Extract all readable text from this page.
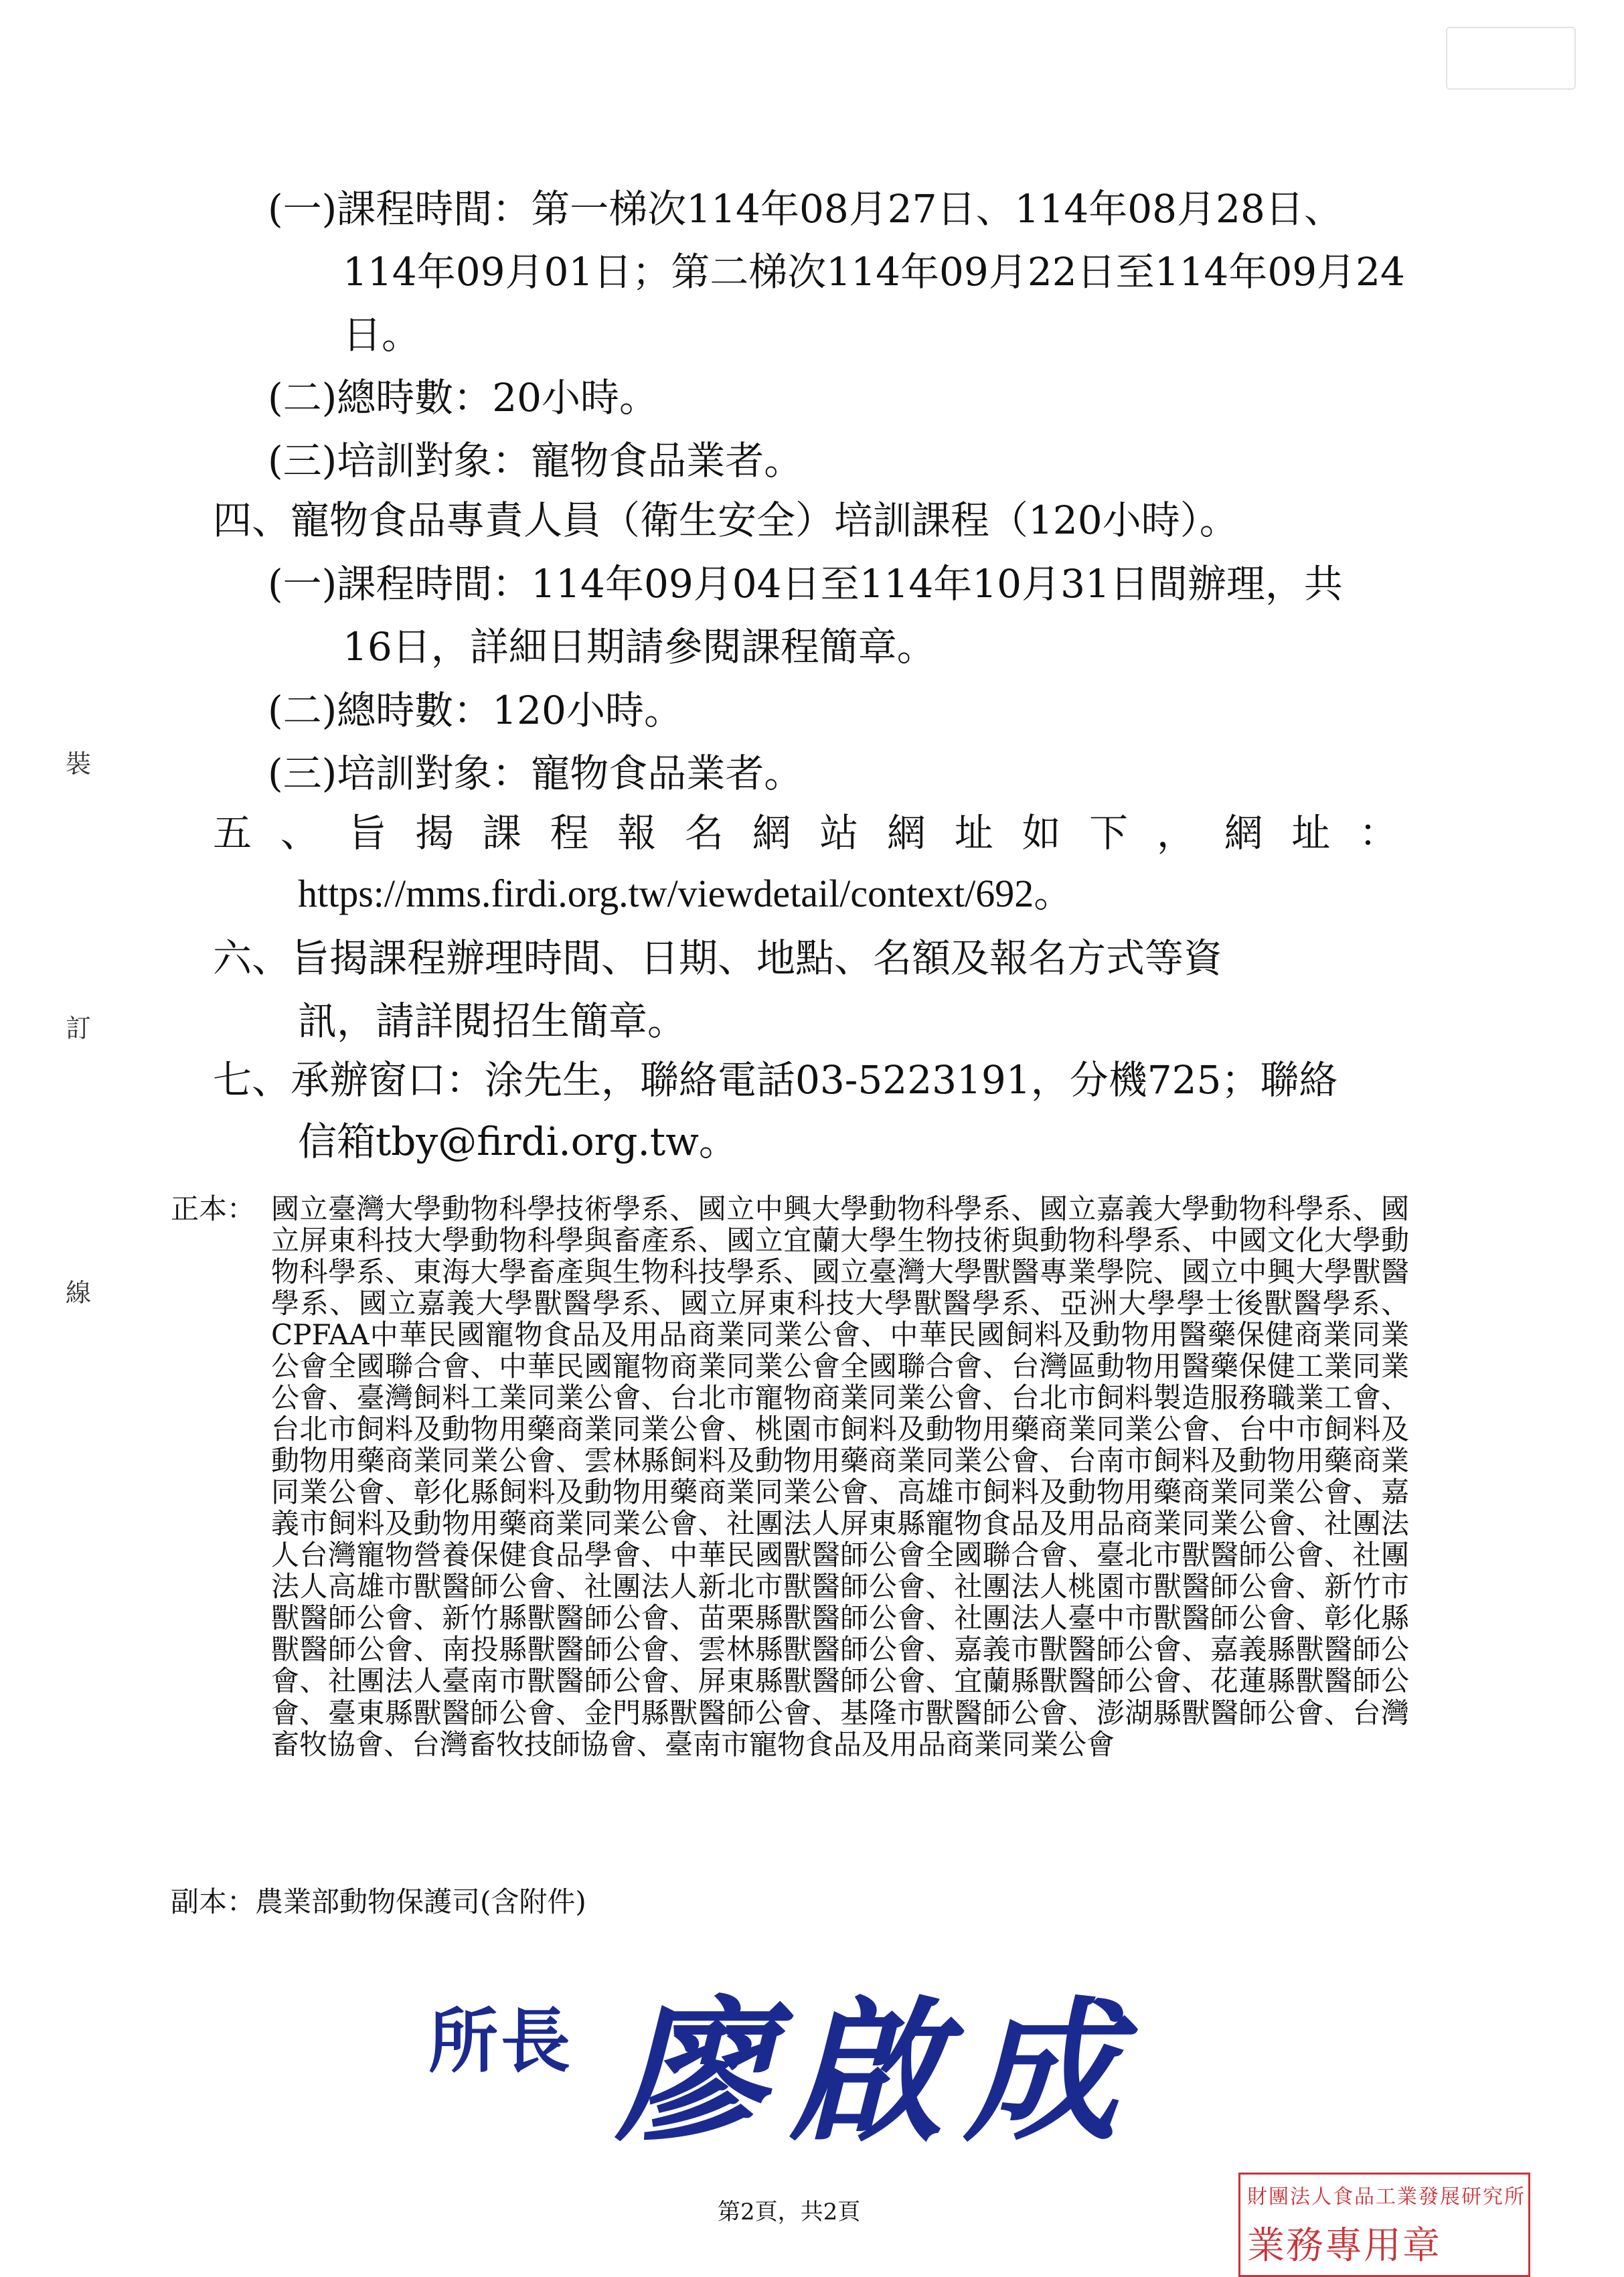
(一)課程時間：第一梯次114年08月27日、114年08月28日、
114年09月01日；第二梯次114年09月22日至114年09月24
日。
(二)總時數：20小時。
(三)培訓對象：寵物食品業者。
四、寵物食品專責人員（衛生安全）培訓課程（120小時）。
(一)課程時間：114年09月04日至114年10月31日間辦理，共
16日，詳細日期請參閱課程簡章。
(二)總時數：120小時。
(三)培訓對象：寵物食品業者。
五、旨揭課程報名網站網址如下，網址：
https://mms.firdi.org.tw/viewdetail/context/692。
六、旨揭課程辦理時間、日期、地點、名額及報名方式等資
訊，請詳閱招生簡章。
七、承辦窗口：涂先生，聯絡電話03-5223191，分機725；聯絡
信箱tby@firdi.org.tw。
裝
訂
線
正本： 國立臺灣大學動物科學技術學系、國立中興大學動物科學系、國立嘉義大學動物科學系、國立屏東科技大學動物科學與畜產系、國立宜蘭大學生物技術與動物科學系、中國文化大學動物科學系、東海大學畜產與生物科技學系、國立臺灣大學獸醫專業學院、國立中興大學獸醫學系、國立嘉義大學獸醫學系、國立屏東科技大學獸醫學系、亞洲大學學士後獸醫學系、CPFAA中華民國寵物食品及用品商業同業公會、中華民國飼料及動物用醫藥保健商業同業公會全國聯合會、中華民國寵物商業同業公會全國聯合會、台灣區動物用醫藥保健工業同業公會、臺灣飼料工業同業公會、台北市寵物商業同業公會、台北市飼料製造服務職業工會、台北市飼料及動物用藥商業同業公會、桃園市飼料及動物用藥商業同業公會、台中市飼料及動物用藥商業同業公會、雲林縣飼料及動物用藥商業同業公會、台南市飼料及動物用藥商業同業公會、彰化縣飼料及動物用藥商業同業公會、高雄市飼料及動物用藥商業同業公會、嘉義市飼料及動物用藥商業同業公會、社團法人屏東縣寵物食品及用品商業同業公會、社團法人台灣寵物營養保健食品學會、中華民國獸醫師公會全國聯合會、臺北市獸醫師公會、社團法人高雄市獸醫師公會、社團法人新北市獸醫師公會、社團法人桃園市獸醫師公會、新竹市獸醫師公會、新竹縣獸醫師公會、苗栗縣獸醫師公會、社團法人臺中市獸醫師公會、彰化縣獸醫師公會、南投縣獸醫師公會、雲林縣獸醫師公會、嘉義市獸醫師公會、嘉義縣獸醫師公會、社團法人臺南市獸醫師公會、屏東縣獸醫師公會、宜蘭縣獸醫師公會、花蓮縣獸醫師公會、臺東縣獸醫師公會、金門縣獸醫師公會、基隆市獸醫師公會、澎湖縣獸醫師公會、台灣畜牧協會、台灣畜牧技師協會、臺南市寵物食品及用品商業同業公會
副本：農業部動物保護司(含附件)
所長 廖啟成
第2頁，共2頁
財團法人食品工業發展研究所
業務專用章
